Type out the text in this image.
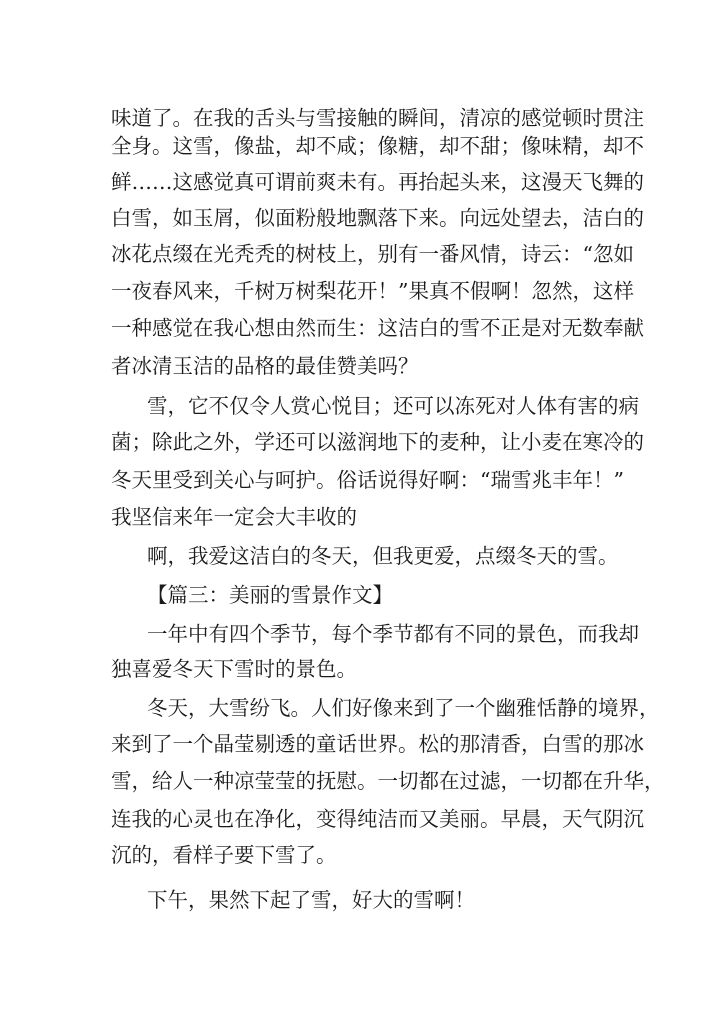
味道了。在我的舌头与雪接触的瞬间，清凉的感觉顿时贯注
全身。这雪，像盐，却不咸；像糖，却不甜；像味精，却不
鲜……这感觉真可谓前爽未有。再抬起头来，这漫天飞舞的
白雪，如玉屑，似面粉般地飘落下来。向远处望去，洁白的
冰花点缀在光秃秃的树枝上，别有一番风情，诗云：“忽如
一夜春风来，千树万树梨花开！”果真不假啊！忽然，这样
一种感觉在我心想由然而生：这洁白的雪不正是对无数奉献
者冰清玉洁的品格的最佳赞美吗？
雪，它不仅令人赏心悦目；还可以冻死对人体有害的病
菌；除此之外，学还可以滋润地下的麦种，让小麦在寒冷的
冬天里受到关心与呵护。俗话说得好啊：“瑞雪兆丰年！”
我坚信来年一定会大丰收的
啊，我爱这洁白的冬天，但我更爱，点缀冬天的雪。
【篇三：美丽的雪景作文】
一年中有四个季节，每个季节都有不同的景色，而我却
独喜爱冬天下雪时的景色。
冬天，大雪纷飞。人们好像来到了一个幽雅恬静的境界，
来到了一个晶莹剔透的童话世界。松的那清香，白雪的那冰
雪，给人一种凉莹莹的抚慰。一切都在过滤，一切都在升华，
连我的心灵也在净化，变得纯洁而又美丽。早晨，天气阴沉
沉的，看样子要下雪了。
下午，果然下起了雪，好大的雪啊！
